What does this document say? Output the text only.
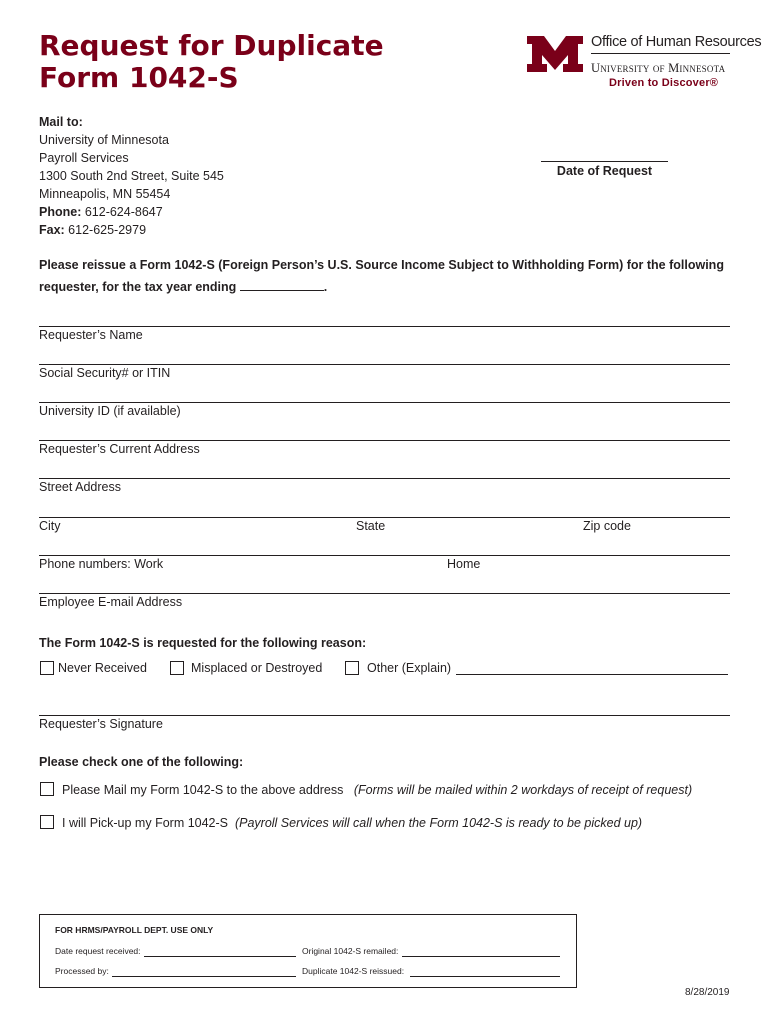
Request for Duplicate
Form 1042-S
Office of Human Resources
University of Minnesota
Driven to Discover®
Mail to:
University of Minnesota
Payroll Services
1300 South 2nd Street, Suite 545
Minneapolis, MN 55454
Phone: 612-624-8647
Fax: 612-625-2979
Date of Request
Please reissue a Form 1042-S (Foreign Person’s U.S. Source Income Subject to Withholding Form) for the following
requester, for the tax year ending	.
Requester’s Name
Social Security# or ITIN
University ID (if available)
Requester’s Current Address
Street Address
City	State	Zip code
Phone numbers: Work	Home
Employee E-mail Address
The Form 1042-S is requested for the following reason:
Never Received	Misplaced or Destroyed	Other (Explain)
Requester’s Signature
Please check one of the following:
Please Mail my Form 1042-S to the above address (Forms will be mailed within 2 workdays of receipt of request)
I will Pick-up my Form 1042-S (Payroll Services will call when the Form 1042-S is ready to be picked up)
FOR HRMS/PAYROLL DEPT. USE ONLY
Date request received:	Original 1042-S remailed:
Processed by:	Duplicate 1042-S reissued:
8/28/2019
